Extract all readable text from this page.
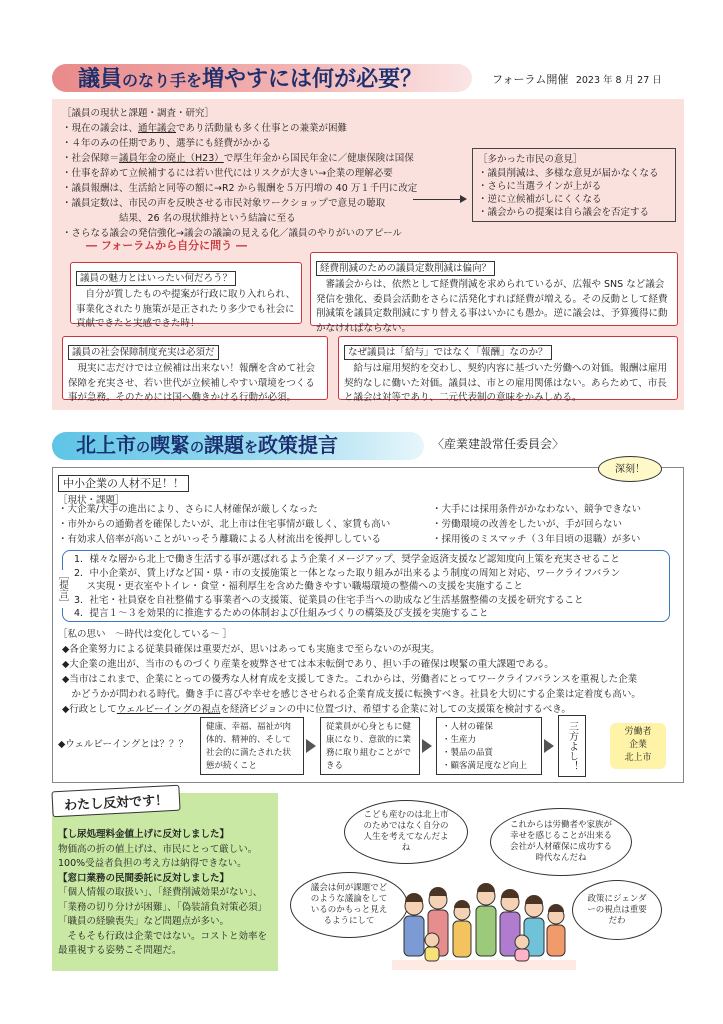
議員のなり手を増やすには何が必要？	フォーラム開催 2023 年 8 月 27 日
［議員の現状と課題・調査・研究］
・現在の議会は、通年議会であり活動量も多く仕事との兼業が困難
・４年のみの任期であり、選挙にも経費がかかる
・社会保障＝議員年金の廃止（H23）で厚生年金から国民年金に／健康保険は国保
・仕事を辞めて立候補するには若い世代にはリスクが大きい→企業の理解必要
・議員報酬は、生活給と同等の額に→R2 から報酬を５万円増の 40 万１千円に改定
・議員定数は、市民の声を反映させる市民対象ワークショップで意見の聴取
　　　　　　結果、26 名の現状維持という結論に至る
・さらなる議会の発信強化→議会の議論の見える化／議員のやりがいのアピール
［多かった市民の意見］
・議員削減は、多様な意見が届かなくなる
・さらに当選ラインが上がる
・逆に立候補がしにくくなる
・議会からの提案は自ら議会を否定する
― フォーラムから自分に問う ―
議員の魅力とはいったい何だろう？
自分が質したものや提案が行政に取り入れられ、事業化されたり施策が是正されたり多少でも社会に貢献できたと実感できた時！
経費削減のための議員定数削減は偏向？
審議会からは、依然として経費削減を求められているが、広報や SNS など議会発信を強化、委員会活動をさらに活発化すれば経費が増える。その反動として経費削減策を議員定数削減にすり替える事はいかにも愚か。逆に議会は、予算獲得に動かなければならない。
議員の社会保障制度充実は必須だ
現実に志だけでは立候補は出来ない！報酬を含めて社会保障を充実させ、若い世代が立候補しやすい環境をつくる事が急務。そのためには国へ働きかける行動が必須。
なぜ議員は「給与」ではなく「報酬」なのか？
給与は雇用契約を交わし、契約内容に基づいた労働への対価。報酬は雇用契約なしに働いた対価。議員は、市との雇用関係はない。あらためて、市長と議会は対等であり、二元代表制の意味をかみしめる。
北上市の喫緊の課題を政策提言	〈産業建設常任委員会〉
深刻！
中小企業の人材不足！！
［現状・課題］
・大企業/大手の進出により、さらに人材確保が厳しくなった
・市外からの通勤者を確保したいが、北上市は住宅事情が厳しく、家賃も高い
・有効求人倍率が高いことがいっそう離職による人材流出を後押ししている
・大手には採用条件がかなわない、競争できない
・労働環境の改善をしたいが、手が回らない
・採用後のミスマッチ（３年目頃の退職）が多い
［提言］
1．様々な層から北上で働き生活する事が選ばれるよう企業イメージアップ、奨学金返済支援など認知度向上策を充実させること
2．中小企業が、賃上げなど国・県・市の支援施策と一体となった取り組みが出来るよう制度の周知と対応、ワークライフバラン
　 ス実現・更衣室やトイレ・食堂・福利厚生を含めた働きやすい職場環境の整備への支援を実施すること
3．社宅・社員寮を自社整備する事業者への支援策、従業員の住宅手当への助成など生活基盤整備の支援を研究すること
4．提言１～３を効果的に推進するための体制および仕組みづくりの構築及び支援を実施すること
［私の思い　～時代は変化している～ ］
◆各企業努力による従業員確保は重要だが、思いはあっても実施まで至らないのが現実。
◆大企業の進出が、当市のものづくり産業を疲弊させては本末転倒であり、担い手の確保は喫緊の重大課題である。
◆当市はこれまで、企業にとっての優秀な人材育成を支援してきた。これからは、労働者にとってワークライフバランスを重視した企業
　かどうかが問われる時代。働き手に喜びや幸せを感じさせられる企業育成支援に転換すべき。社員を大切にする企業は定着度も高い。
◆行政としてウェルビーイングの視点を経済ビジョンの中に位置づけ、希望する企業に対しての支援策を検討するべき。
◆ウェルビーイングとは？？？
健康、幸福、福祉が肉体的、精神的、そして社会的に満たされた状態が続くこと
従業員が心身ともに健康になり、意欲的に業務に取り組むことができる
・人材の確保
・生産力
・製品の品質
・顧客満足度など向上	三方よし！	労働者
企業
北上市
わたし反対です！
【し尿処理料金値上げに反対しました】
物価高の折の値上げは、市民にとって厳しい。100%受益者負担の考え方は納得できない。
【窓口業務の民間委託に反対しました】
「個人情報の取扱い」、「経費削減効果がない」、「業務の切り分けが困難」、「偽装請負対策必須」「職員の経験喪失」など問題点が多い。
そもそも行政は企業ではない。コストと効率を最重視する姿勢こそ問題だ。
こども産むのは北上市のためではなく自分の人生を考えてなんだよね
これからは労働者や家族が幸せを感じることが出来る会社が人材確保に成功する時代なんだね
議会は何が課題でどのような議論をしているのかもっと見えるようにして
政策にジェンダーの視点は重要だわ
